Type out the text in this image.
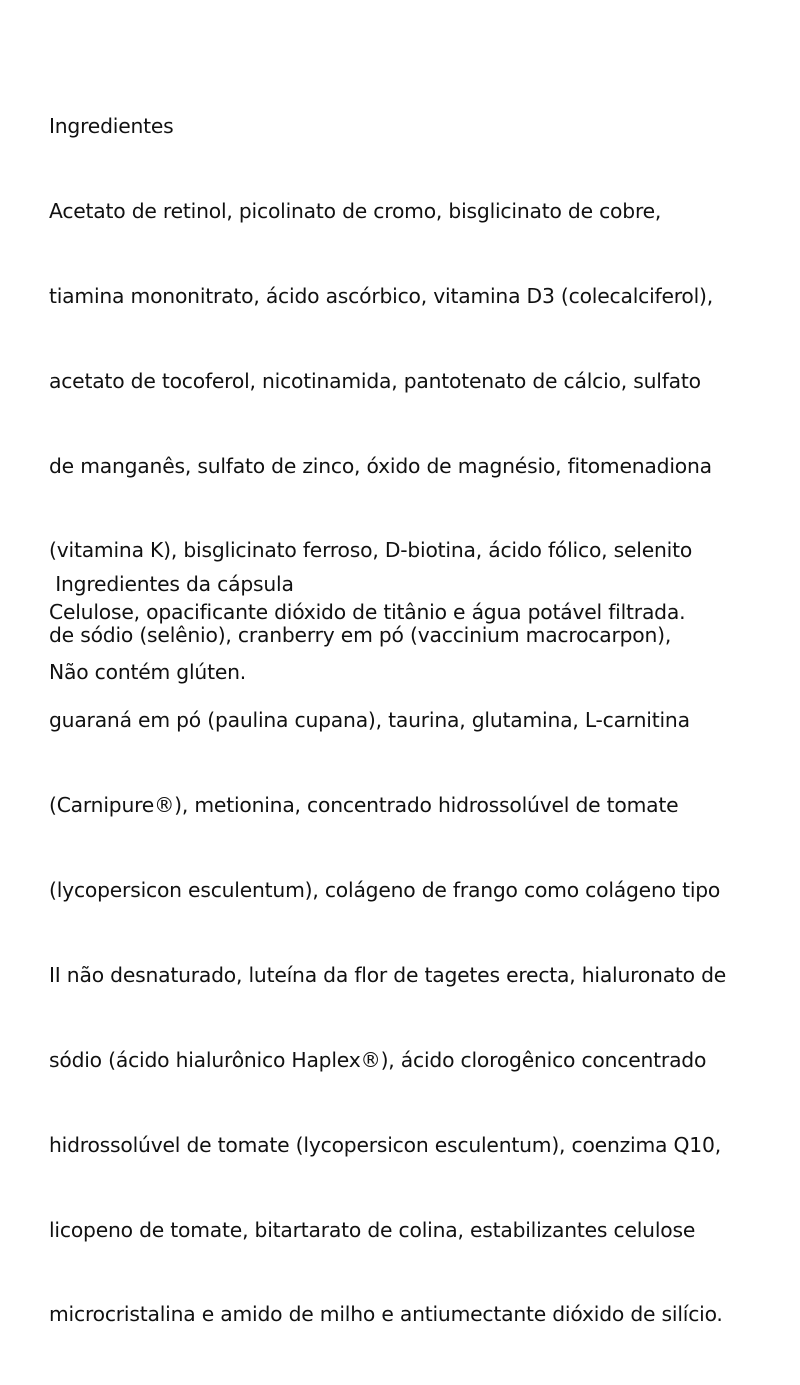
Ingredientes

Acetato de retinol, picolinato de cromo, bisglicinato de cobre,

tiamina mononitrato, ácido ascórbico, vitamina D3 (colecalciferol),

acetato de tocoferol, nicotinamida, pantotenato de cálcio, sulfato

de manganês, sulfato de zinco, óxido de magnésio, fitomenadiona

(vitamina K), bisglicinato ferroso, D-biotina, ácido fólico, selenito

de sódio (selênio), cranberry em pó (vaccinium macrocarpon),

guaraná em pó (paulina cupana), taurina, glutamina, L-carnitina

(Carnipure®), metionina, concentrado hidrossolúvel de tomate

(lycopersicon esculentum), colágeno de frango como colágeno tipo

II não desnaturado, luteína da flor de tagetes erecta, hialuronato de

sódio (ácido hialurônico Haplex®), ácido clorogênico concentrado

hidrossolúvel de tomate (lycopersicon esculentum), coenzima Q10,

licopeno de tomate, bitartarato de colina, estabilizantes celulose

microcristalina e amido de milho e antiumectante dióxido de silício.

Ingredientes da cápsula
Celulose, opacificante dióxido de titânio e água potável filtrada.
Não contém glúten.
